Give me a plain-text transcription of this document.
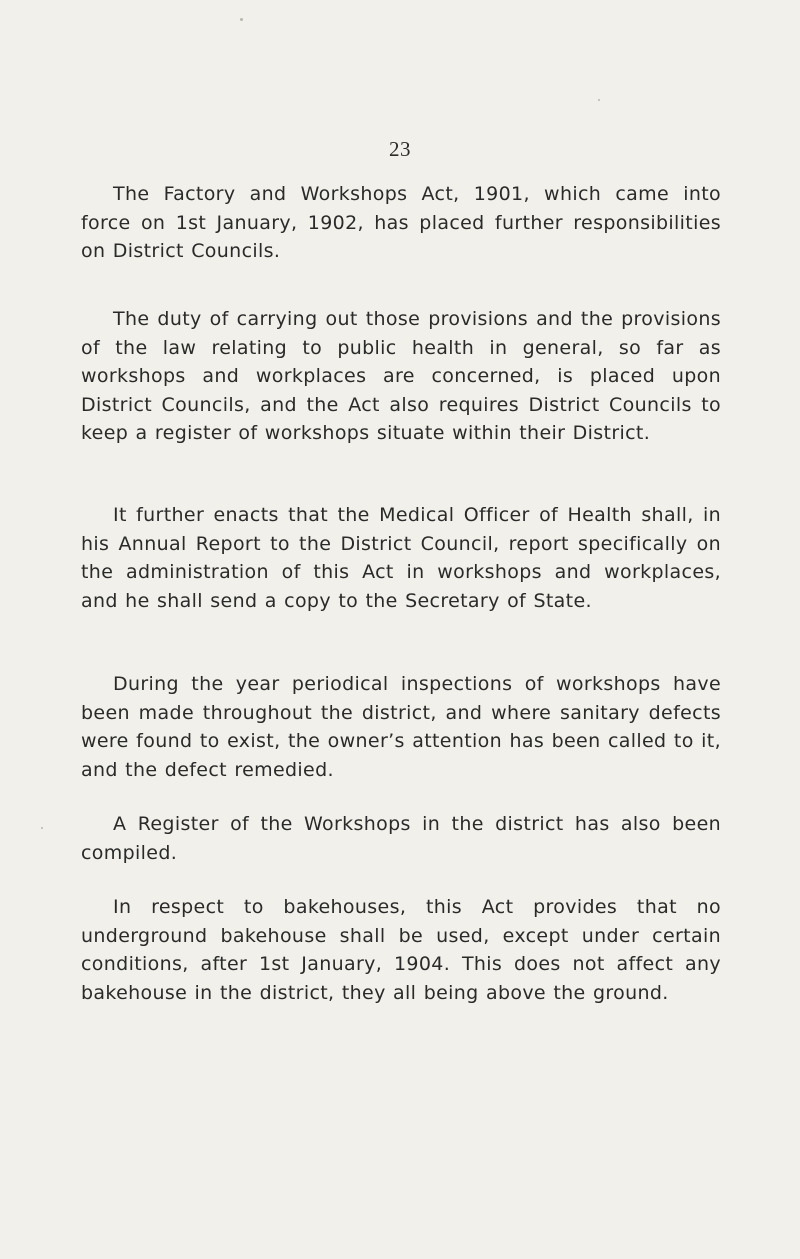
23

The Factory and Workshops Act, 1901, which came into force on 1st January, 1902, has placed further responsibilities on District Councils.

The duty of carrying out those provisions and the provisions of the law relating to public health in general, so far as workshops and workplaces are concerned, is placed upon District Councils, and the Act also requires District Councils to keep a register of workshops situate within their District.

It further enacts that the Medical Officer of Health shall, in his Annual Report to the District Council, report specifically on the administration of this Act in workshops and workplaces, and he shall send a copy to the Secretary of State.

During the year periodical inspections of workshops have been made throughout the district, and where sanitary defects were found to exist, the owner’s attention has been called to it, and the defect remedied.

A Register of the Workshops in the district has also been compiled.

In respect to bakehouses, this Act provides that no underground bakehouse shall be used, except under certain conditions, after 1st January, 1904. This does not affect any bakehouse in the district, they all being above the ground.
